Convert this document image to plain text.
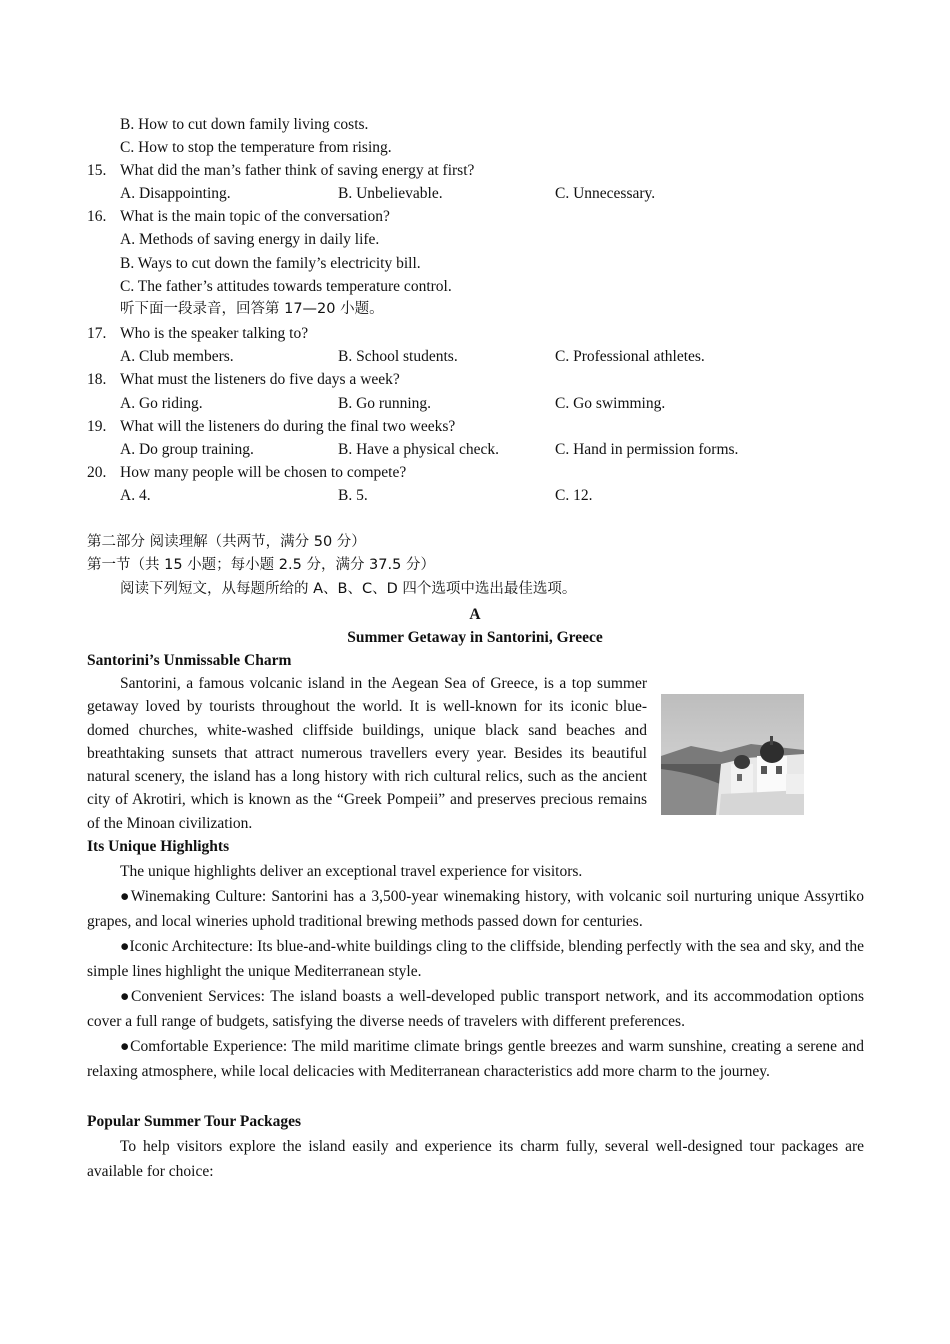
B. How to cut down family living costs.
C. How to stop the temperature from rising.
15. What did the man’s father think of saving energy at first?
A. Disappointing.	B. Unbelievable.	C. Unnecessary.
16. What is the main topic of the conversation?
A. Methods of saving energy in daily life.
B. Ways to cut down the family’s electricity bill.
C. The father’s attitudes towards temperature control.
听下面一段录音，回答第 17—20 小题。
17. Who is the speaker talking to?
A. Club members.	B. School students.	C. Professional athletes.
18. What must the listeners do five days a week?
A. Go riding.	B. Go running.	C. Go swimming.
19. What will the listeners do during the final two weeks?
A. Do group training.	B. Have a physical check.	C. Hand in permission forms.
20. How many people will be chosen to compete?
A. 4.	B. 5.	C. 12.
第二部分 阅读理解（共两节，满分 50 分）
第一节（共 15 小题；每小题 2.5 分，满分 37.5 分）
阅读下列短文，从每题所给的 A、B、C、D 四个选项中选出最佳选项。
A
Summer Getaway in Santorini, Greece
Santorini’s Unmissable Charm

Santorini, a famous volcanic island in the Aegean Sea of Greece, is a top summer getaway loved by tourists throughout the world. It is well-known for its iconic blue-domed churches, white-washed cliffside buildings, unique black sand beaches and breathtaking sunsets that attract numerous travellers every year. Besides its beautiful natural scenery, the island has a long history with rich cultural relics, such as the ancient city of Akrotiri, which is known as the “Greek Pompeii” and preserves precious remains of the Minoan civilization.

Its Unique Highlights

The unique highlights deliver an exceptional travel experience for visitors.

●Winemaking Culture: Santorini has a 3,500-year winemaking history, with volcanic soil nurturing unique Assyrtiko grapes, and local wineries uphold traditional brewing methods passed down for centuries.

●Iconic Architecture: Its blue-and-white buildings cling to the cliffside, blending perfectly with the sea and sky, and the simple lines highlight the unique Mediterranean style.

●Convenient Services: The island boasts a well-developed public transport network, and its accommodation options cover a full range of budgets, satisfying the diverse needs of travelers with different preferences.

●Comfortable Experience: The mild maritime climate brings gentle breezes and warm sunshine, creating a serene and relaxing atmosphere, while local delicacies with Mediterranean characteristics add more charm to the journey.

Popular Summer Tour Packages

To help visitors explore the island easily and experience its charm fully, several well-designed tour packages are available for choice:
